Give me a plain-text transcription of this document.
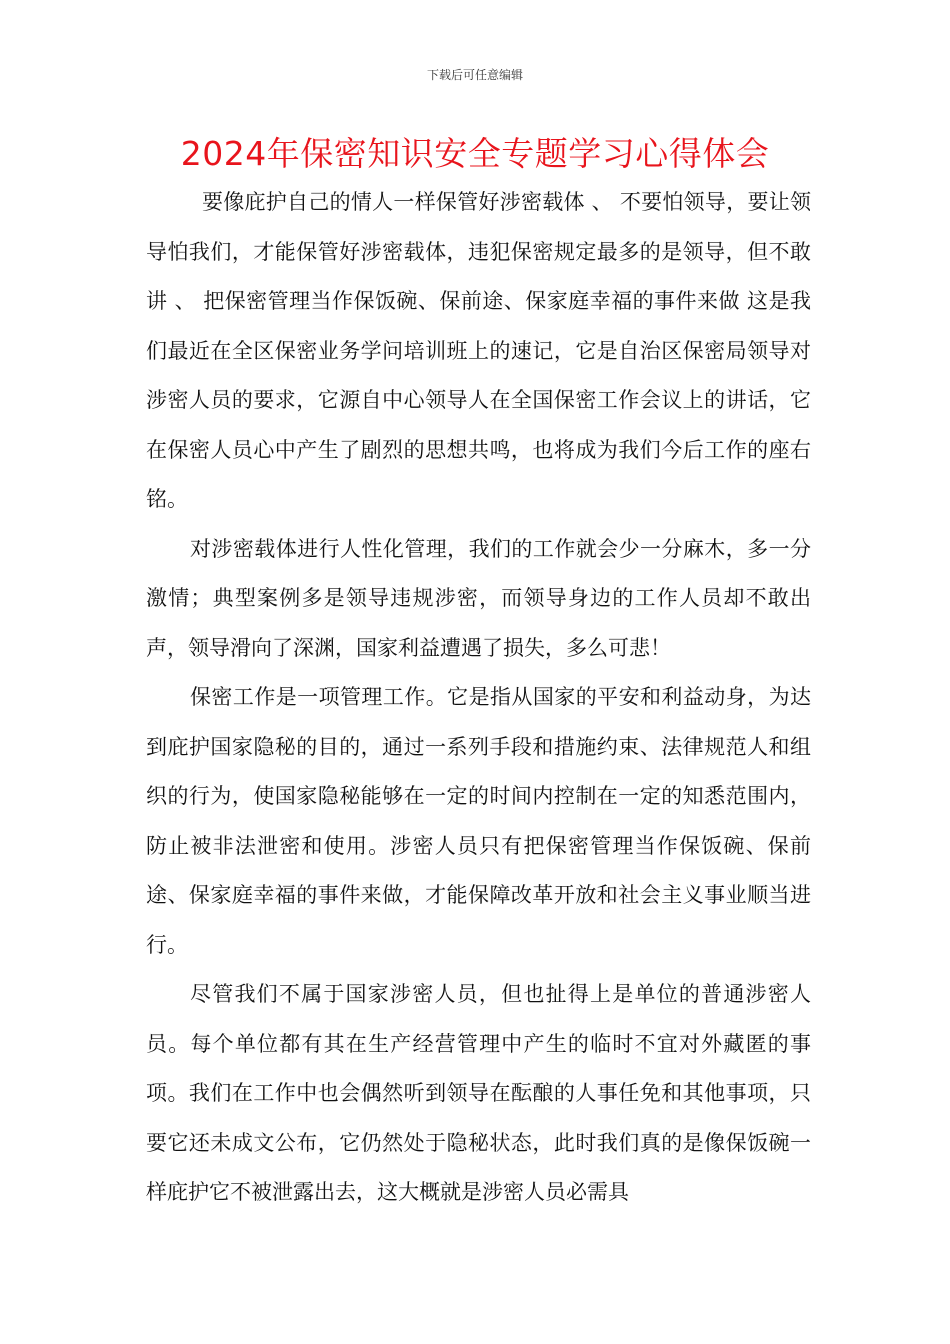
下载后可任意编辑
2024年保密知识安全专题学习心得体会

要像庇护自己的情人一样保管好涉密载体 、 不要怕领导，要让领导怕我们，才能保管好涉密载体，违犯保密规定最多的是领导，但不敢讲 、 把保密管理当作保饭碗、保前途、保家庭幸福的事件来做 这是我们最近在全区保密业务学问培训班上的速记，它是自治区保密局领导对涉密人员的要求，它源自中心领导人在全国保密工作会议上的讲话，它在保密人员心中产生了剧烈的思想共鸣，也将成为我们今后工作的座右铭。

对涉密载体进行人性化管理，我们的工作就会少一分麻木，多一分激情；典型案例多是领导违规涉密，而领导身边的工作人员却不敢出声，领导滑向了深渊，国家利益遭遇了损失，多么可悲！

保密工作是一项管理工作。它是指从国家的平安和利益动身，为达到庇护国家隐秘的目的，通过一系列手段和措施约束、法律规范人和组织的行为，使国家隐秘能够在一定的时间内控制在一定的知悉范围内，防止被非法泄密和使用。涉密人员只有把保密管理当作保饭碗、保前途、保家庭幸福的事件来做，才能保障改革开放和社会主义事业顺当进行。

尽管我们不属于国家涉密人员，但也扯得上是单位的普通涉密人员。每个单位都有其在生产经营管理中产生的临时不宜对外藏匿的事项。我们在工作中也会偶然听到领导在酝酿的人事任免和其他事项，只要它还未成文公布，它仍然处于隐秘状态，此时我们真的是像保饭碗一样庇护它不被泄露出去，这大概就是涉密人员必需具
